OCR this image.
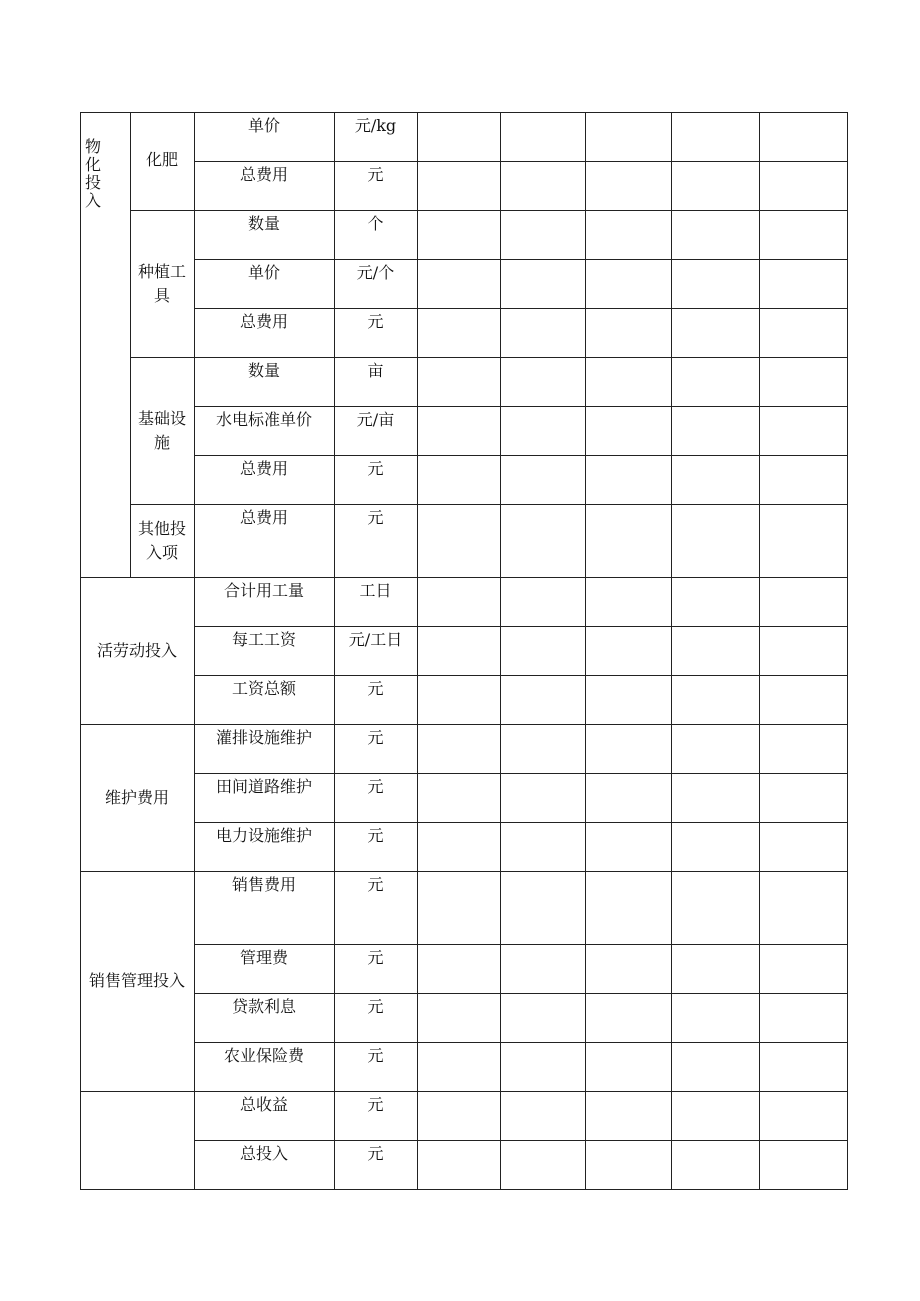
物化投入
化肥
单价	元/kg
总费用	元
种植工具
数量	个
单价	元/个
总费用	元
基础设施
数量	亩
水电标准单价	元/亩
总费用	元
其他投入项
总费用	元
活劳动投入
合计用工量	工日
每工工资	元/工日
工资总额	元
维护费用
灌排设施维护	元
田间道路维护	元
电力设施维护	元
销售管理投入
销售费用	元
管理费	元
贷款利息	元
农业保险费	元
总收益	元
总投入	元
